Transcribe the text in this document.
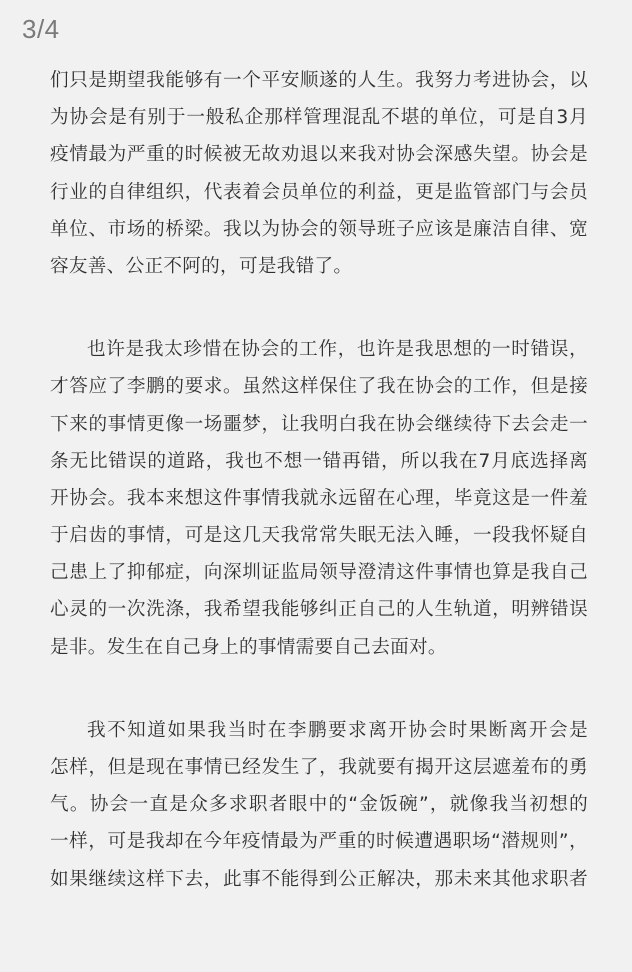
3/4
们只是期望我能够有一个平安顺遂的人生。我努力考进协会，以
为协会是有别于一般私企那样管理混乱不堪的单位，可是自3月
疫情最为严重的时候被无故劝退以来我对协会深感失望。协会是
行业的自律组织，代表着会员单位的利益，更是监管部门与会员
单位、市场的桥梁。我以为协会的领导班子应该是廉洁自律、宽
容友善、公正不阿的，可是我错了。
也许是我太珍惜在协会的工作，也许是我思想的一时错误，
才答应了李鹏的要求。虽然这样保住了我在协会的工作，但是接
下来的事情更像一场噩梦，让我明白我在协会继续待下去会走一
条无比错误的道路，我也不想一错再错，所以我在7月底选择离
开协会。我本来想这件事情我就永远留在心理，毕竟这是一件羞
于启齿的事情，可是这几天我常常失眠无法入睡，一段我怀疑自
己患上了抑郁症，向深圳证监局领导澄清这件事情也算是我自己
心灵的一次洗涤，我希望我能够纠正自己的人生轨道，明辨错误
是非。发生在自己身上的事情需要自己去面对。
我不知道如果我当时在李鹏要求离开协会时果断离开会是
怎样，但是现在事情已经发生了，我就要有揭开这层遮羞布的勇
气。协会一直是众多求职者眼中的“金饭碗”，就像我当初想的
一样，可是我却在今年疫情最为严重的时候遭遇职场“潜规则”，
如果继续这样下去，此事不能得到公正解决，那未来其他求职者
